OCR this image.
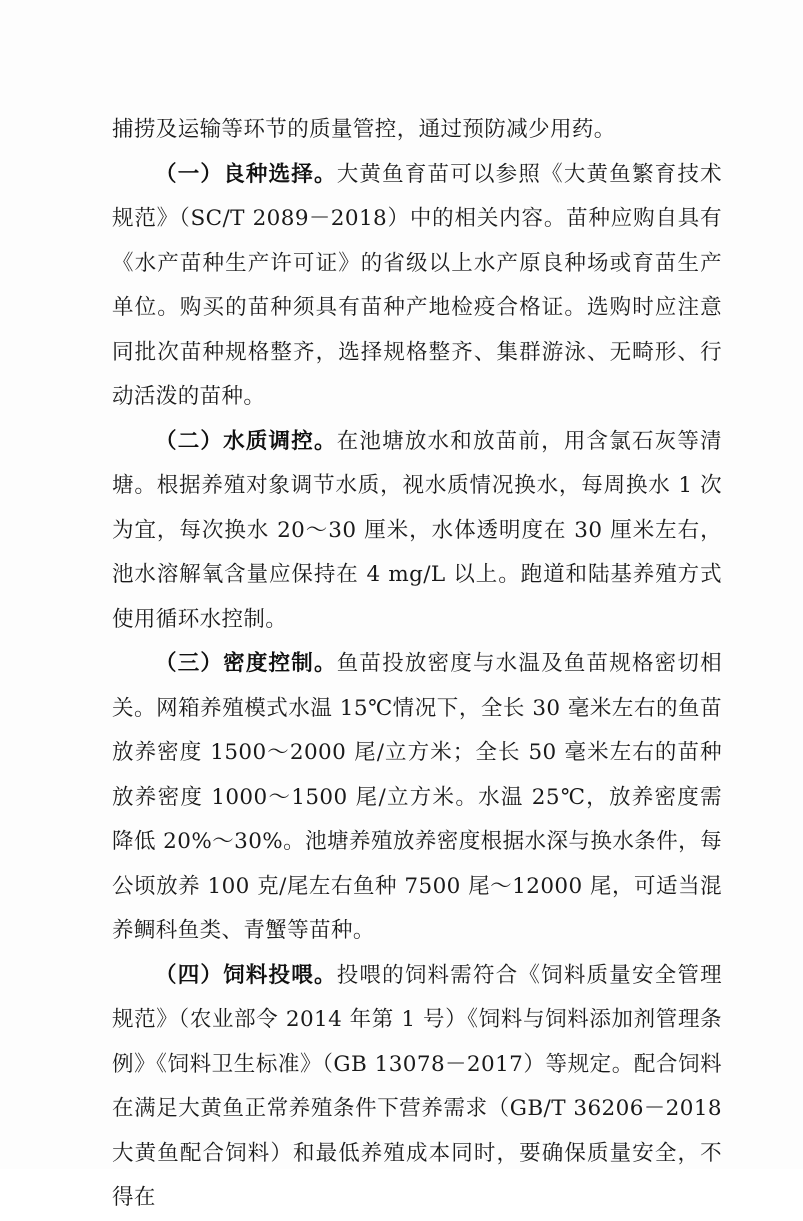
捕捞及运输等环节的质量管控，通过预防减少用药。

（一）良种选择。大黄鱼育苗可以参照《大黄鱼繁育技术规范》（SC/T 2089－2018）中的相关内容。苗种应购自具有《水产苗种生产许可证》的省级以上水产原良种场或育苗生产单位。购买的苗种须具有苗种产地检疫合格证。选购时应注意同批次苗种规格整齐，选择规格整齐、集群游泳、无畸形、行动活泼的苗种。

（二）水质调控。在池塘放水和放苗前，用含氯石灰等清塘。根据养殖对象调节水质，视水质情况换水，每周换水 1 次为宜，每次换水 20～30 厘米，水体透明度在 30 厘米左右，池水溶解氧含量应保持在 4 mg/L 以上。跑道和陆基养殖方式使用循环水控制。

（三）密度控制。鱼苗投放密度与水温及鱼苗规格密切相关。网箱养殖模式水温 15℃情况下，全长 30 毫米左右的鱼苗放养密度 1500～2000 尾/立方米；全长 50 毫米左右的苗种放养密度 1000～1500 尾/立方米。水温 25℃，放养密度需降低 20%～30%。池塘养殖放养密度根据水深与换水条件，每公顷放养 100 克/尾左右鱼种 7500 尾～12000 尾，可适当混养鲷科鱼类、青蟹等苗种。

（四）饲料投喂。投喂的饲料需符合《饲料质量安全管理规范》（农业部令 2014 年第 1 号）《饲料与饲料添加剂管理条例》《饲料卫生标准》（GB 13078－2017）等规定。配合饲料在满足大黄鱼正常养殖条件下营养需求（GB/T 36206－2018 大黄鱼配合饲料）和最低养殖成本同时，要确保质量安全，不得在
